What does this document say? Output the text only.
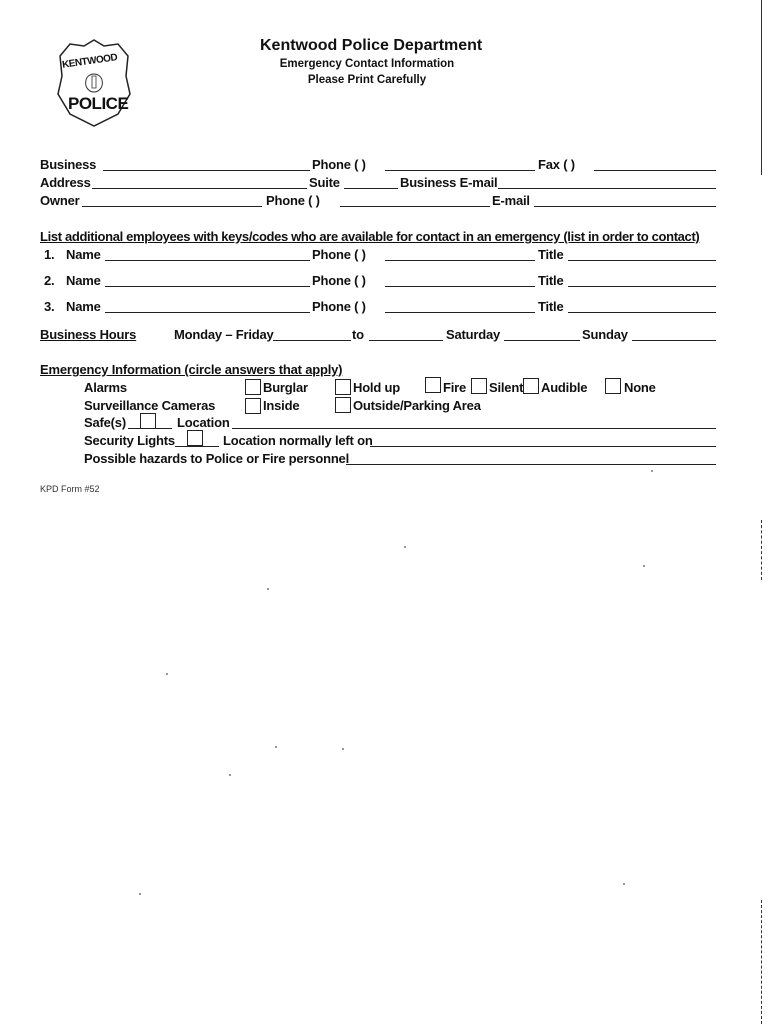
KENTWOOD
POLICE
Kentwood Police Department
Emergency Contact Information
Please Print Carefully
Business	Phone ( )	Fax ( )
Address	Suite	Business E-mail
Owner	Phone ( )	E-mail
List additional employees with keys/codes who are available for contact in an emergency (list in order to contact)
1. Name	Phone ( )	Title
2. Name	Phone ( )	Title
3. Name	Phone ( )	Title
Business Hours	Monday – Friday	to	Saturday	Sunday
Emergency Information (circle answers that apply)
Alarms	Burglar	Hold up	Fire Silent Audible	None
Surveillance Cameras	Inside	Outside/Parking Area
Safe(s)	Location
Security Lights	Location normally left on
Possible hazards to Police or Fire personnel
KPD Form #52
